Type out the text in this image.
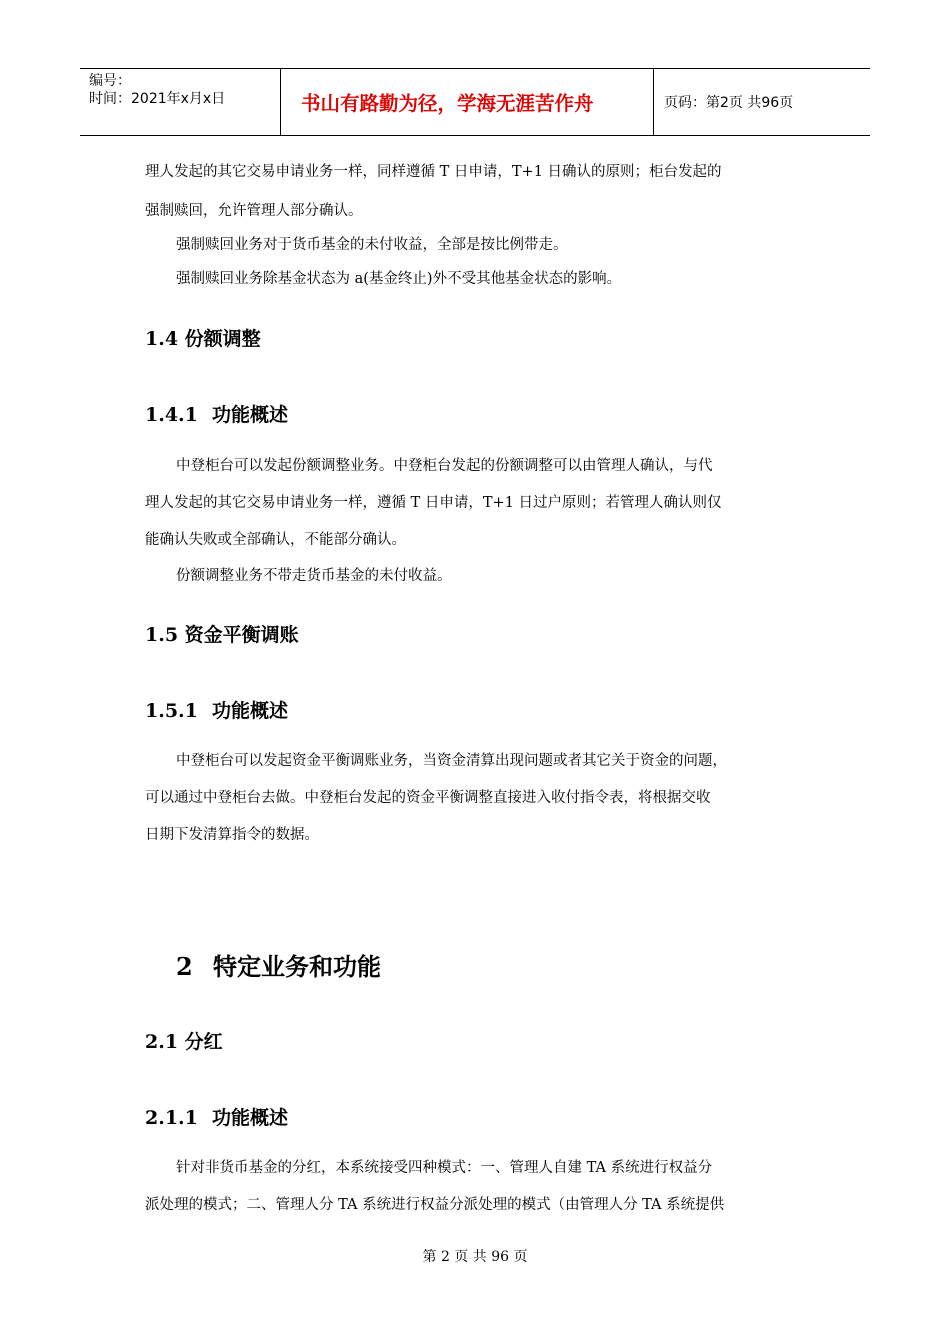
编号：
时间：2021年x月x日	书山有路勤为径，学海无涯苦作舟	页码：第2页 共96页
理人发起的其它交易申请业务一样，同样遵循 T 日申请，T+1 日确认的原则；柜台发起的
强制赎回，允许管理人部分确认。
强制赎回业务对于货币基金的未付收益，全部是按比例带走。
强制赎回业务除基金状态为 a(基金终止)外不受其他基金状态的影响。
1.4 份额调整
1.4.1 功能概述
中登柜台可以发起份额调整业务。中登柜台发起的份额调整可以由管理人确认，与代
理人发起的其它交易申请业务一样，遵循 T 日申请，T+1 日过户原则；若管理人确认则仅
能确认失败或全部确认，不能部分确认。
份额调整业务不带走货币基金的未付收益。
1.5 资金平衡调账
1.5.1 功能概述
中登柜台可以发起资金平衡调账业务，当资金清算出现问题或者其它关于资金的问题，
可以通过中登柜台去做。中登柜台发起的资金平衡调整直接进入收付指令表，将根据交收
日期下发清算指令的数据。
2 特定业务和功能
2.1 分红
2.1.1 功能概述
针对非货币基金的分红，本系统接受四种模式：一、管理人自建 TA 系统进行权益分
派处理的模式；二、管理人分 TA 系统进行权益分派处理的模式（由管理人分 TA 系统提供
第 2 页 共 96 页
